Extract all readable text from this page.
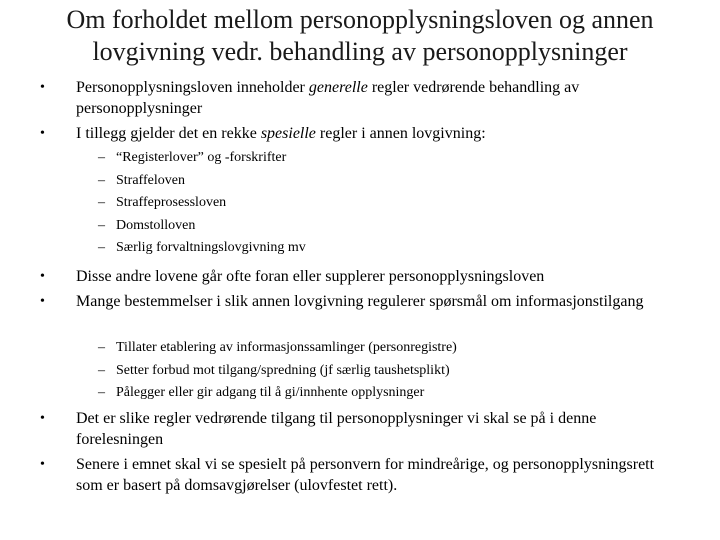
Om forholdet mellom personopplysningsloven og annen
lovgivning vedr. behandling av personopplysninger
•	Personopplysningsloven inneholder generelle regler vedrørende behandling av personopplysninger
•	I tillegg gjelder det en rekke spesielle regler i annen lovgivning:
– “Registerlover” og -forskrifter
– Straffeloven
– Straffeprosessloven
– Domstolloven
– Særlig forvaltningslovgivning mv
•	Disse andre lovene går ofte foran eller supplerer personopplysningsloven
•	Mange bestemmelser i slik annen lovgivning regulerer spørsmål om informasjonstilgang
– Tillater etablering av informasjonssamlinger (personregistre)
– Setter forbud mot tilgang/spredning (jf særlig taushetsplikt)
– Pålegger eller gir adgang til å gi/innhente opplysninger
•	Det er slike regler vedrørende tilgang til personopplysninger vi skal se på i denne forelesningen
•	Senere i emnet skal vi se spesielt på personvern for mindreårige, og personopplysningsrett som er basert på domsavgjørelser (ulovfestet rett).
